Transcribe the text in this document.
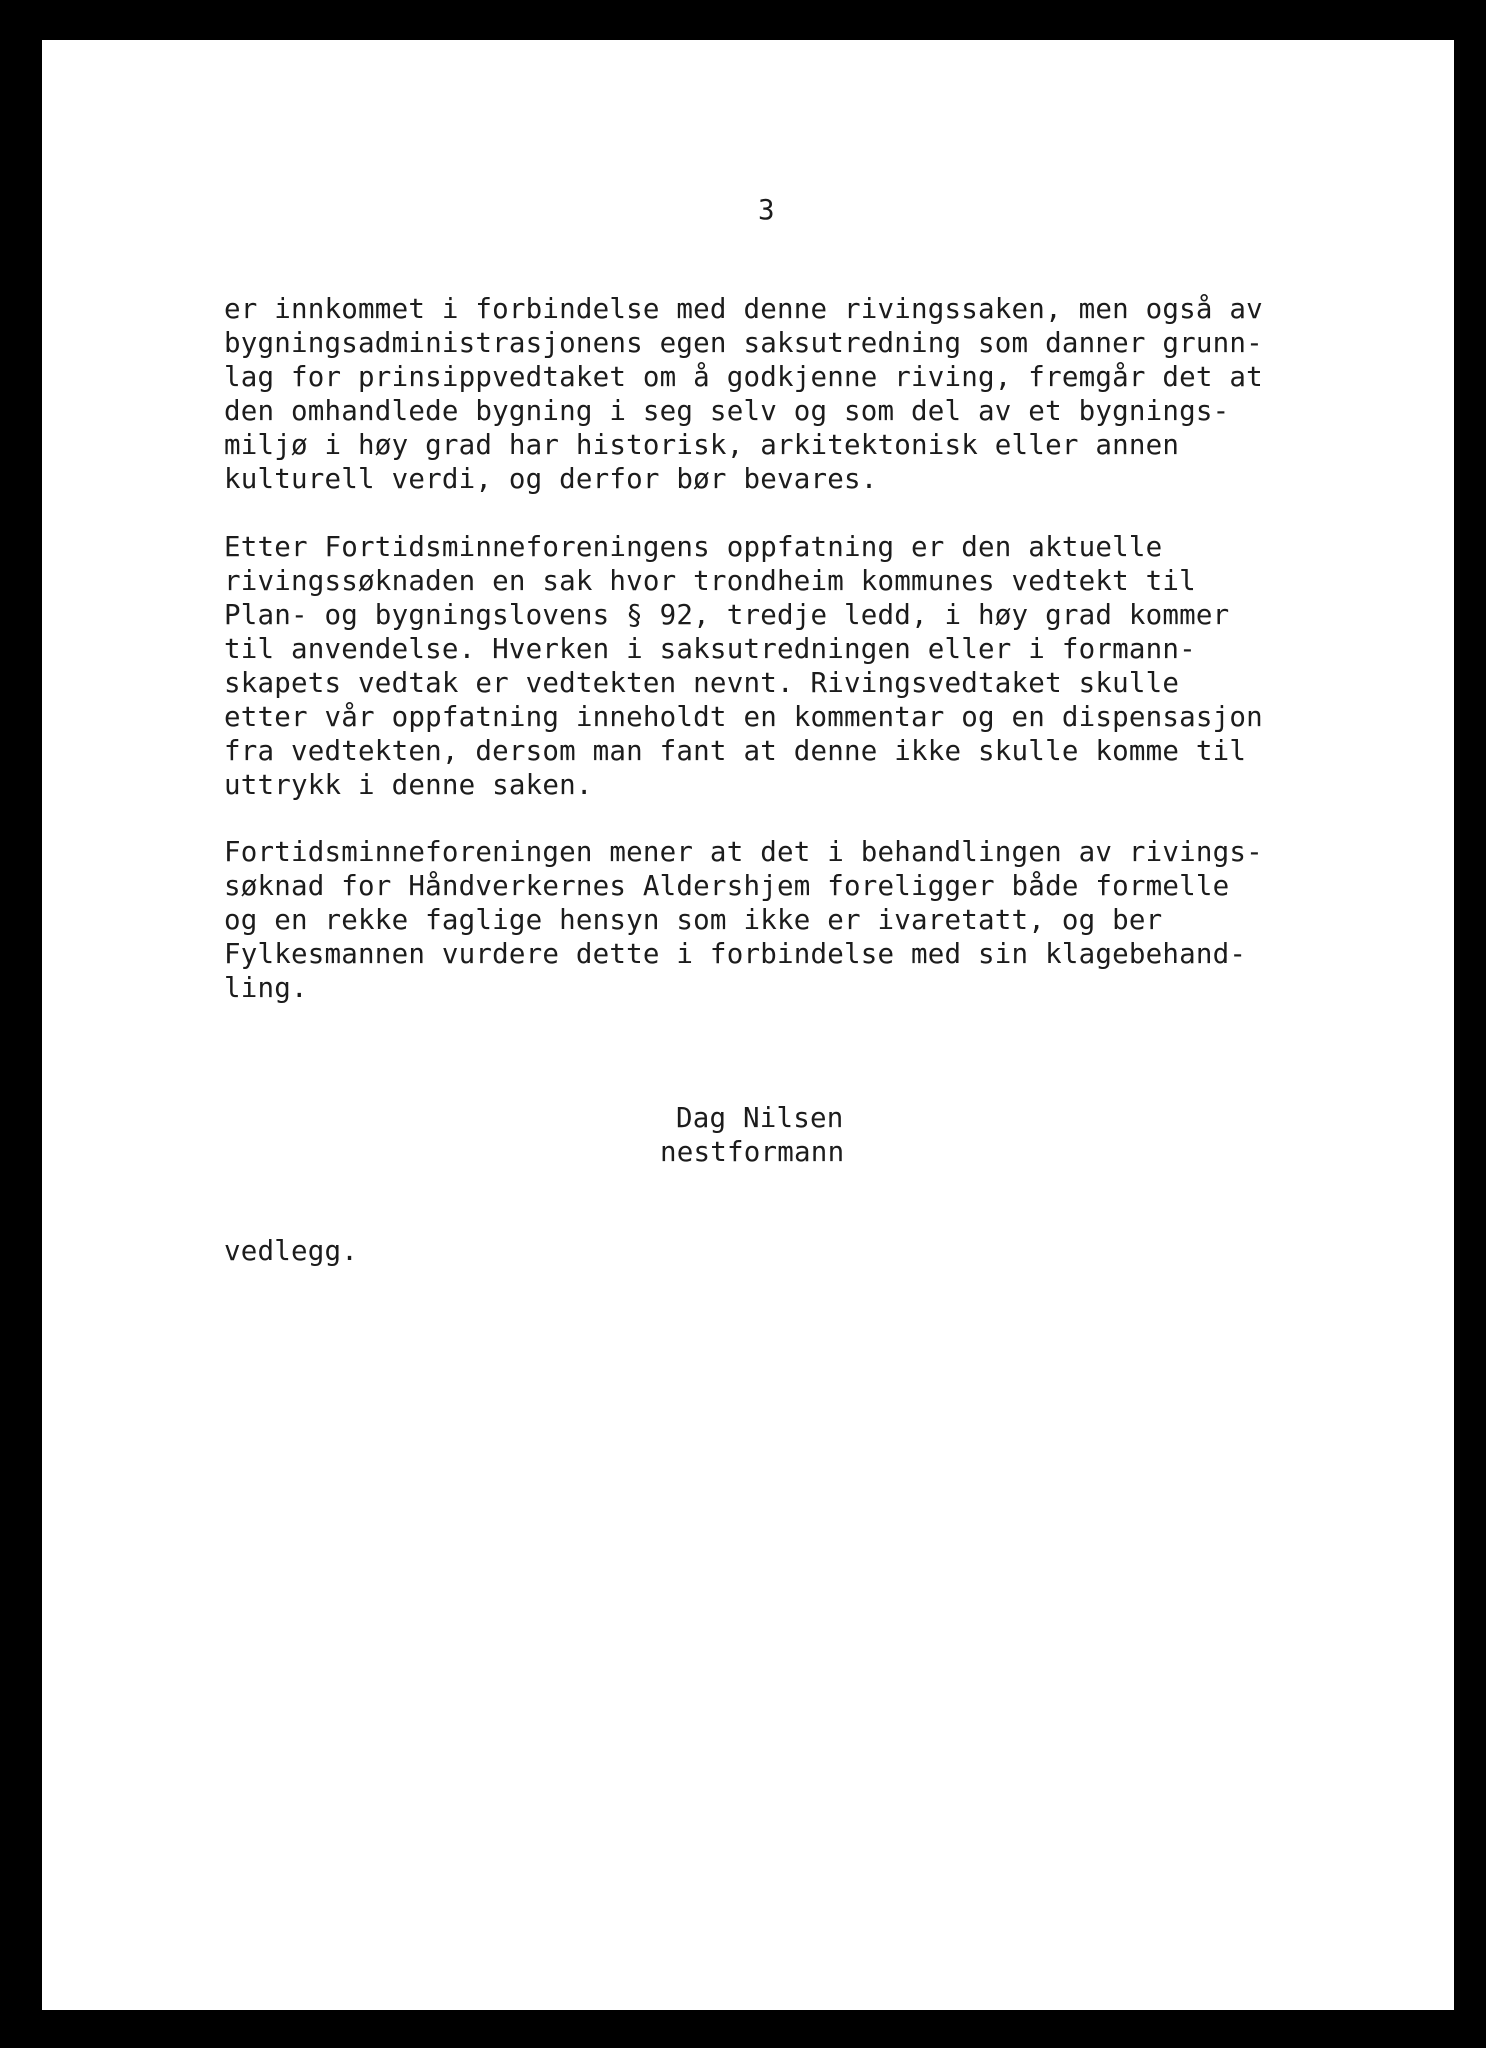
3

er innkommet i forbindelse med denne rivingssaken, men også av

bygningsadministrasjonens egen saksutredning som danner grunn-

lag for prinsippvedtaket om å godkjenne riving, fremgår det at

den omhandlede bygning i seg selv og som del av et bygnings-

miljø i høy grad har historisk, arkitektonisk eller annen

kulturell verdi, og derfor bør bevares.

Etter Fortidsminneforeningens oppfatning er den aktuelle

rivingssøknaden en sak hvor trondheim kommunes vedtekt til

Plan- og bygningslovens § 92, tredje ledd, i høy grad kommer

til anvendelse. Hverken i saksutredningen eller i formann-

skapets vedtak er vedtekten nevnt. Rivingsvedtaket skulle

etter vår oppfatning inneholdt en kommentar og en dispensasjon

fra vedtekten, dersom man fant at denne ikke skulle komme til

uttrykk i denne saken.

Fortidsminneforeningen mener at det i behandlingen av rivings-

søknad for Håndverkernes Aldershjem foreligger både formelle

og en rekke faglige hensyn som ikke er ivaretatt, og ber

Fylkesmannen vurdere dette i forbindelse med sin klagebehand-

ling.

Dag Nilsen

nestformann

vedlegg.
